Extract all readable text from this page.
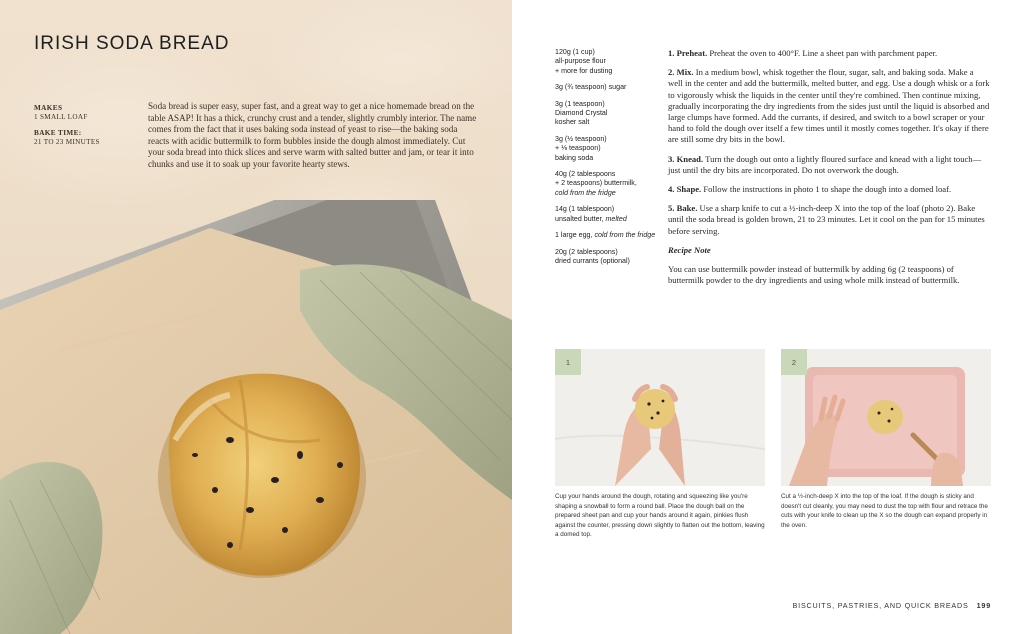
IRISH SODA BREAD
MAKES
1 SMALL LOAF
BAKE TIME:
21 TO 23 MINUTES

Soda bread is super easy, super fast, and a great way to get a nice homemade bread on the table ASAP! It has a thick, crunchy crust and a tender, slightly crumbly interior. The name comes from the fact that it uses baking soda instead of yeast to rise—the baking soda reacts with acidic buttermilk to form bubbles inside the dough almost immediately. Cut your soda bread into thick slices and serve warm with salted butter and jam, or tear it into chunks and use it to soak up your favorite hearty stews.

120g (1 cup)
all-purpose flour
+ more for dusting
3g (¾ teaspoon) sugar
3g (1 teaspoon)
Diamond Crystal
kosher salt
3g (½ teaspoon)
+ ⅛ teaspoon)
baking soda
40g (2 tablespoons
+ 2 teaspoons) buttermilk,
cold from the fridge
14g (1 tablespoon)
unsalted butter, melted
1 large egg, cold from the fridge
20g (2 tablespoons)
dried currants (optional)

1. Preheat. Preheat the oven to 400°F. Line a sheet pan with parchment paper.

2. Mix. In a medium bowl, whisk together the flour, sugar, salt, and baking soda. Make a well in the center and add the buttermilk, melted butter, and egg. Use a dough whisk or a fork to vigorously whisk the liquids in the center until they're combined. Then continue mixing, gradually incorporating the dry ingredients from the sides just until the liquid is absorbed and large clumps have formed. Add the currants, if desired, and switch to a bowl scraper or your hand to fold the dough over itself a few times until it mostly comes together. It's okay if there are still some dry bits in the bowl.

3. Knead. Turn the dough out onto a lightly floured surface and knead with a light touch—just until the dry bits are incorporated. Do not overwork the dough.

4. Shape. Follow the instructions in photo 1 to shape the dough into a domed loaf.

5. Bake. Use a sharp knife to cut a ½-inch-deep X into the top of the loaf (photo 2). Bake until the soda bread is golden brown, 21 to 23 minutes. Let it cool on the pan for 15 minutes before serving.

Recipe Note

You can use buttermilk powder instead of buttermilk by adding 6g (2 teaspoons) of buttermilk powder to the dry ingredients and using whole milk instead of buttermilk.

1	2

Cup your hands around the dough, rotating and squeezing like you're shaping a snowball to form a round ball. Place the dough ball on the prepared sheet pan and cup your hands around it again, pinkies flush against the counter, pressing down slightly to flatten out the bottom, leaving a domed top.

Cut a ½-inch-deep X into the top of the loaf. If the dough is sticky and doesn't cut cleanly, you may need to dust the top with flour and retrace the cuts with your knife to clean up the X so the dough can expand properly in the oven.

BISCUITS, PASTRIES, AND QUICK BREADS 199
